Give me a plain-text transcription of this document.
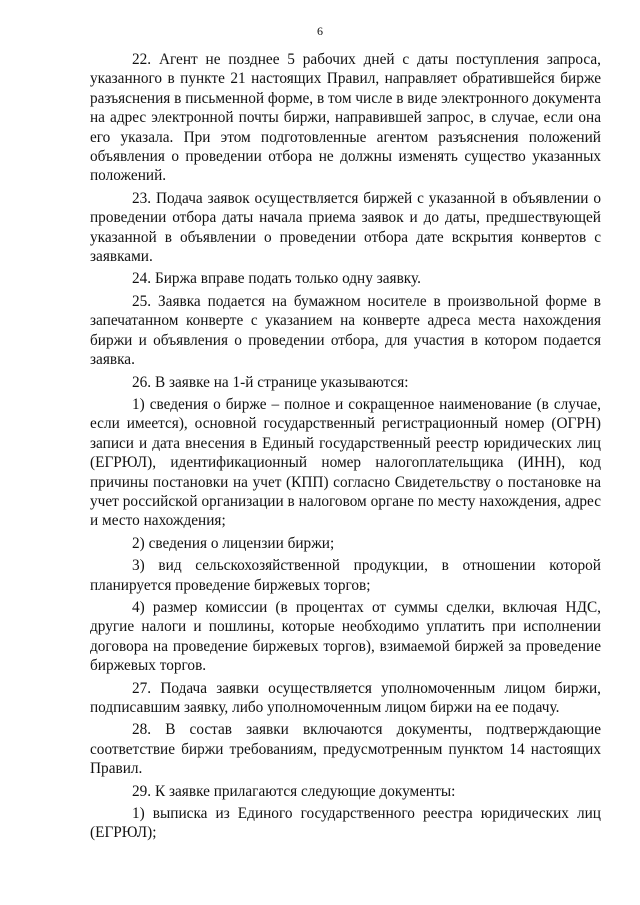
6

22. Агент не позднее 5 рабочих дней с даты поступления запроса, указанного в пункте 21 настоящих Правил, направляет обратившейся бирже разъяснения в письменной форме, в том числе в виде электронного документа на адрес электронной почты биржи, направившей запрос, в случае, если она его указала. При этом подготовленные агентом разъяснения положений объявления о проведении отбора не должны изменять существо указанных положений.

23. Подача заявок осуществляется биржей с указанной в объявлении о проведении отбора даты начала приема заявок и до даты, предшествующей указанной в объявлении о проведении отбора дате вскрытия конвертов с заявками.

24. Биржа вправе подать только одну заявку.

25. Заявка подается на бумажном носителе в произвольной форме в запечатанном конверте с указанием на конверте адреса места нахождения биржи и объявления о проведении отбора, для участия в котором подается заявка.

26. В заявке на 1-й странице указываются:

1) сведения о бирже – полное и сокращенное наименование (в случае, если имеется), основной государственный регистрационный номер (ОГРН) записи и дата внесения в Единый государственный реестр юридических лиц (ЕГРЮЛ), идентификационный номер налогоплательщика (ИНН), код причины постановки на учет (КПП) согласно Свидетельству о постановке на учет российской организации в налоговом органе по месту нахождения, адрес и место нахождения;

2) сведения о лицензии биржи;

3) вид сельскохозяйственной продукции, в отношении которой планируется проведение биржевых торгов;

4) размер комиссии (в процентах от суммы сделки, включая НДС, другие налоги и пошлины, которые необходимо уплатить при исполнении договора на проведение биржевых торгов), взимаемой биржей за проведение биржевых торгов.

27. Подача заявки осуществляется уполномоченным лицом биржи, подписавшим заявку, либо уполномоченным лицом биржи на ее подачу.

28. В состав заявки включаются документы, подтверждающие соответствие биржи требованиям, предусмотренным пунктом 14 настоящих Правил.

29. К заявке прилагаются следующие документы:

1) выписка из Единого государственного реестра юридических лиц (ЕГРЮЛ);
